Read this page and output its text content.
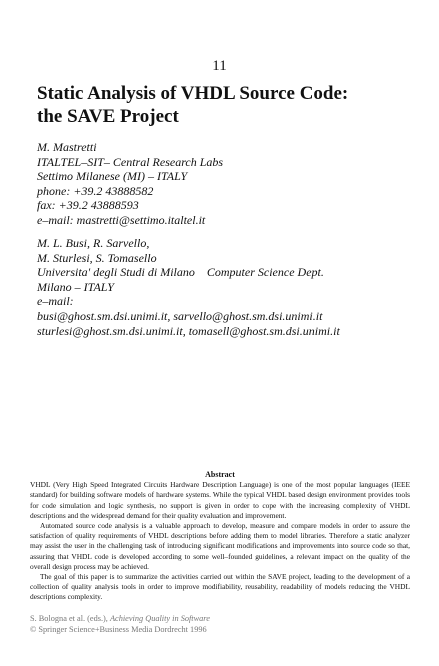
11
Static Analysis of VHDL Source Code:
the SAVE Project
M. Mastretti
ITALTEL–SIT– Central Research Labs
Settimo Milanese (MI) – ITALY
phone: +39.2 43888582
fax: +39.2 43888593
e–mail: mastretti@settimo.italtel.it
M. L. Busi, R. Sarvello,
M. Sturlesi, S. Tomasello
Universita' degli Studi di Milano    Computer Science Dept.
Milano – ITALY
e–mail:
busi@ghost.sm.dsi.unimi.it, sarvello@ghost.sm.dsi.unimi.it
sturlesi@ghost.sm.dsi.unimi.it, tomasell@ghost.sm.dsi.unimi.it
Abstract

VHDL (Very High Speed Integrated Circuits Hardware Description Language) is one of the most popular languages (IEEE standard) for building software models of hardware systems. While the typical VHDL based design environment provides tools for code simulation and logic synthesis, no support is given in order to cope with the increasing complexity of VHDL descriptions and the widespread demand for their quality evaluation and improvement.

Automated source code analysis is a valuable approach to develop, measure and compare models in order to assure the satisfaction of quality requirements of VHDL descriptions before adding them to model libraries. Therefore a static analyzer may assist the user in the challenging task of introducing significant modifications and improvements into source code so that, assuring that VHDL code is developed according to some well–founded guidelines, a relevant impact on the quality of the overall design process may be achieved.

The goal of this paper is to summarize the activities carried out within the SAVE project, leading to the development of a collection of quality analysis tools in order to improve modifiability, reusability, readability of models reducing the VHDL descriptions complexity.

S. Bologna et al. (eds.), Achieving Quality in Software
© Springer Science+Business Media Dordrecht 1996
